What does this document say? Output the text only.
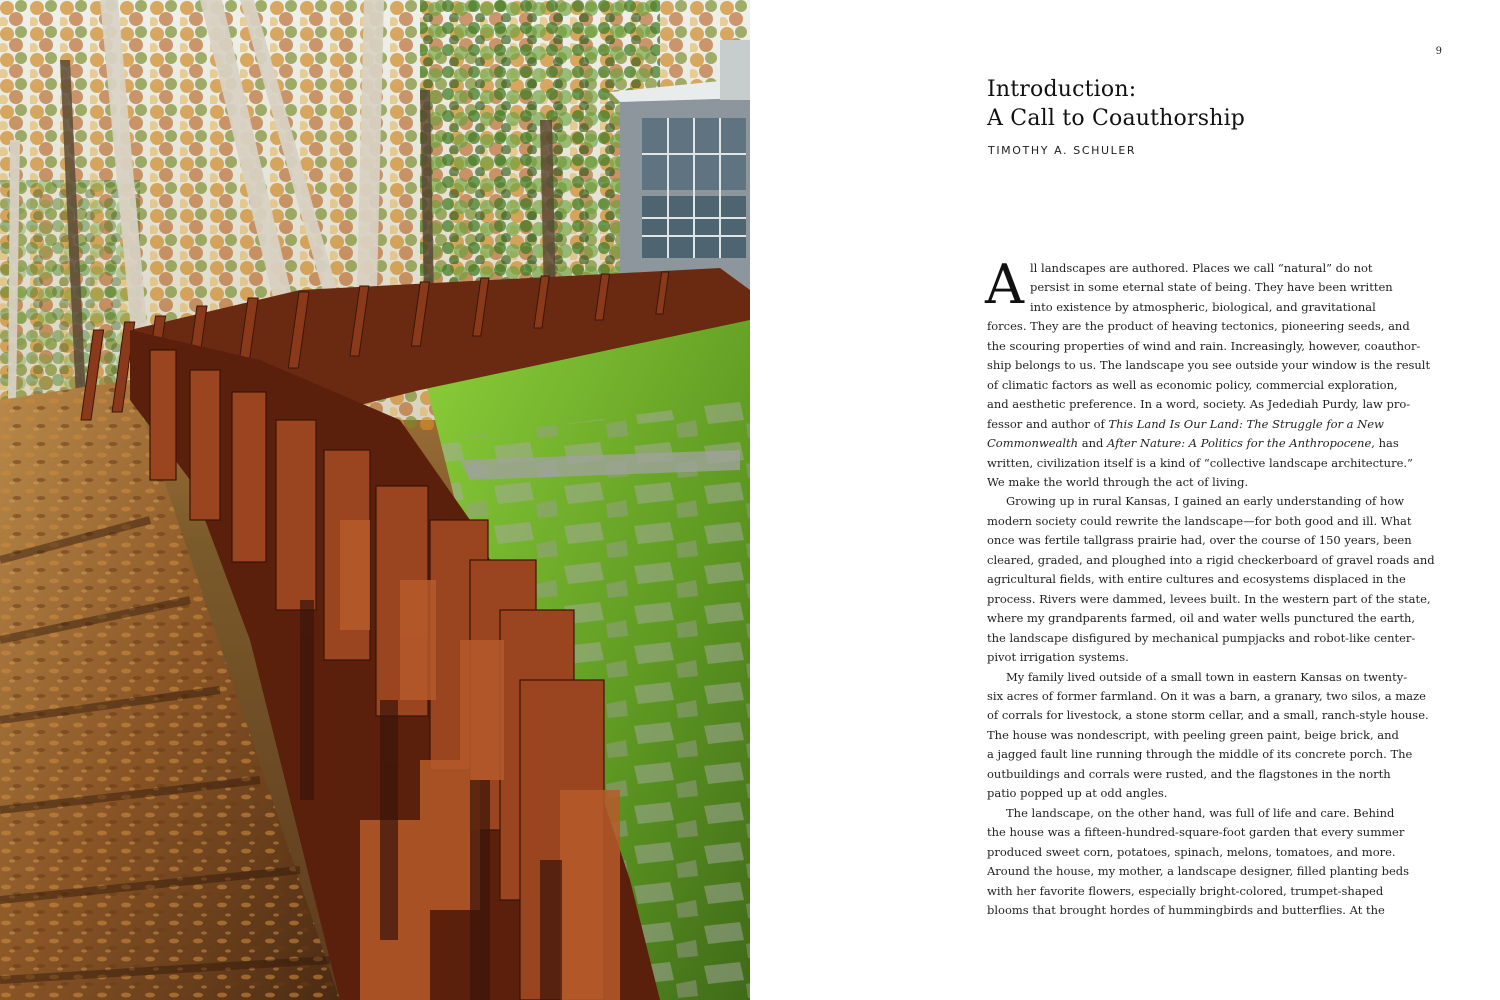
9
Introduction:
A Call to Coauthorship
TIMOTHY A. SCHULER
A ll landscapes are authored. Places we call “natural” do not
persist in some eternal state of being. They have been written
into existence by atmospheric, biological, and gravitational
forces. They are the product of heaving tectonics, pioneering seeds, and
the scouring properties of wind and rain. Increasingly, however, coauthor-
ship belongs to us. The landscape you see outside your window is the result
of climatic factors as well as economic policy, commercial exploration,
and aesthetic preference. In a word, society. As Jedediah Purdy, law pro-
fessor and author of This Land Is Our Land: The Struggle for a New
Commonwealth and After Nature: A Politics for the Anthropocene, has
written, civilization itself is a kind of “collective landscape architecture.”
We make the world through the act of living.
Growing up in rural Kansas, I gained an early understanding of how
modern society could rewrite the landscape—for both good and ill. What
once was fertile tallgrass prairie had, over the course of 150 years, been
cleared, graded, and ploughed into a rigid checkerboard of gravel roads and
agricultural fields, with entire cultures and ecosystems displaced in the
process. Rivers were dammed, levees built. In the western part of the state,
where my grandparents farmed, oil and water wells punctured the earth,
the landscape disfigured by mechanical pumpjacks and robot-like center-
pivot irrigation systems.
My family lived outside of a small town in eastern Kansas on twenty-
six acres of former farmland. On it was a barn, a granary, two silos, a maze
of corrals for livestock, a stone storm cellar, and a small, ranch-style house.
The house was nondescript, with peeling green paint, beige brick, and
a jagged fault line running through the middle of its concrete porch. The
outbuildings and corrals were rusted, and the flagstones in the north
patio popped up at odd angles.
The landscape, on the other hand, was full of life and care. Behind
the house was a fifteen-hundred-square-foot garden that every summer
produced sweet corn, potatoes, spinach, melons, tomatoes, and more.
Around the house, my mother, a landscape designer, filled planting beds
with her favorite flowers, especially bright-colored, trumpet-shaped
blooms that brought hordes of hummingbirds and butterflies. At the
